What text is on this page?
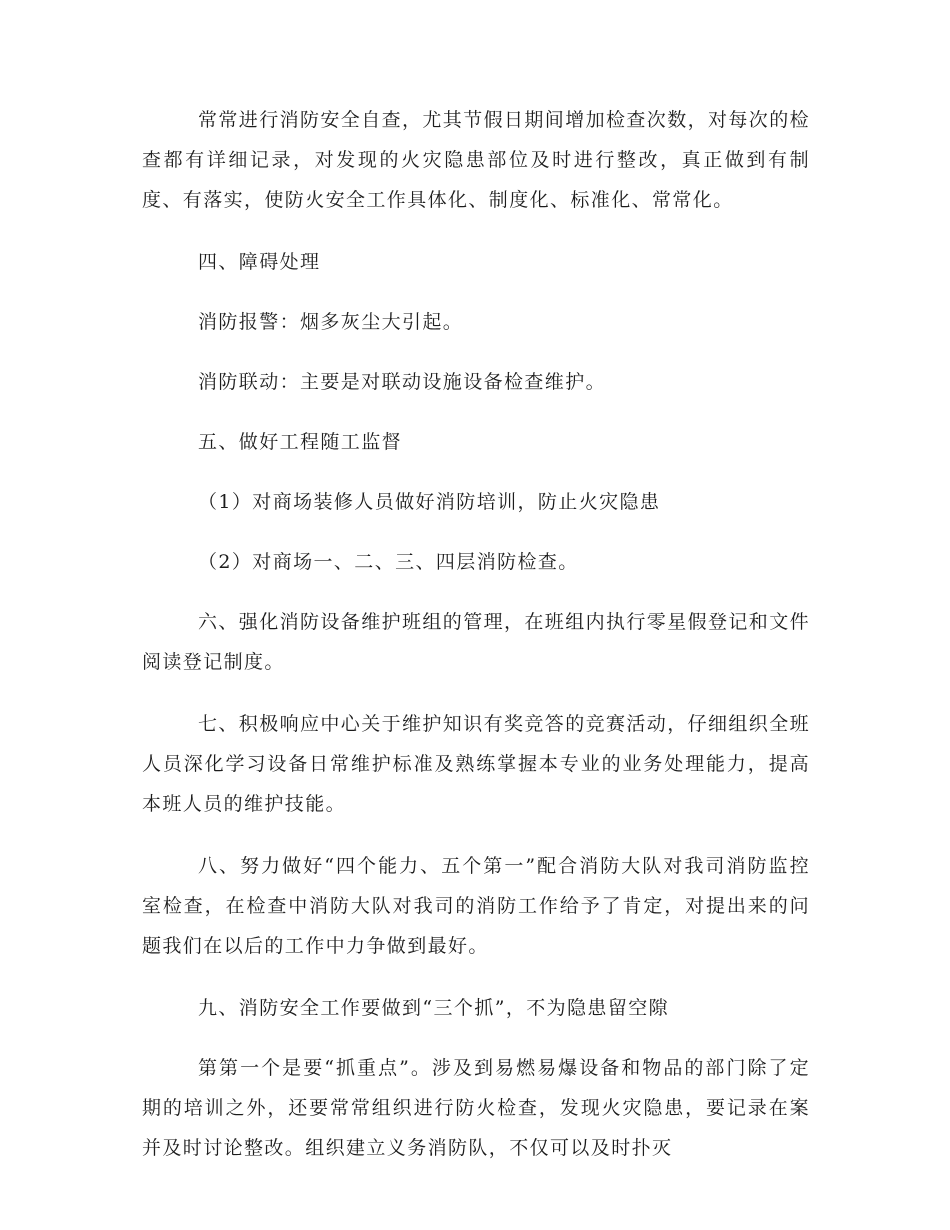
常常进行消防安全自查，尤其节假日期间增加检查次数，对每次的检查都有详细记录，对发现的火灾隐患部位及时进行整改，真正做到有制度、有落实，使防火安全工作具体化、制度化、标准化、常常化。

四、障碍处理

消防报警：烟多灰尘大引起。

消防联动：主要是对联动设施设备检查维护。

五、做好工程随工监督

（1）对商场装修人员做好消防培训，防止火灾隐患

（2）对商场一、二、三、四层消防检查。

六、强化消防设备维护班组的管理，在班组内执行零星假登记和文件阅读登记制度。

七、积极响应中心关于维护知识有奖竞答的竞赛活动，仔细组织全班人员深化学习设备日常维护标准及熟练掌握本专业的业务处理能力，提高本班人员的维护技能。

八、努力做好“四个能力、五个第一”配合消防大队对我司消防监控室检查，在检查中消防大队对我司的消防工作给予了肯定，对提出来的问题我们在以后的工作中力争做到最好。

九、消防安全工作要做到“三个抓”，不为隐患留空隙

第第一个是要“抓重点”。涉及到易燃易爆设备和物品的部门除了定期的培训之外，还要常常组织进行防火检查，发现火灾隐患，要记录在案并及时讨论整改。组织建立义务消防队，不仅可以及时扑灭
